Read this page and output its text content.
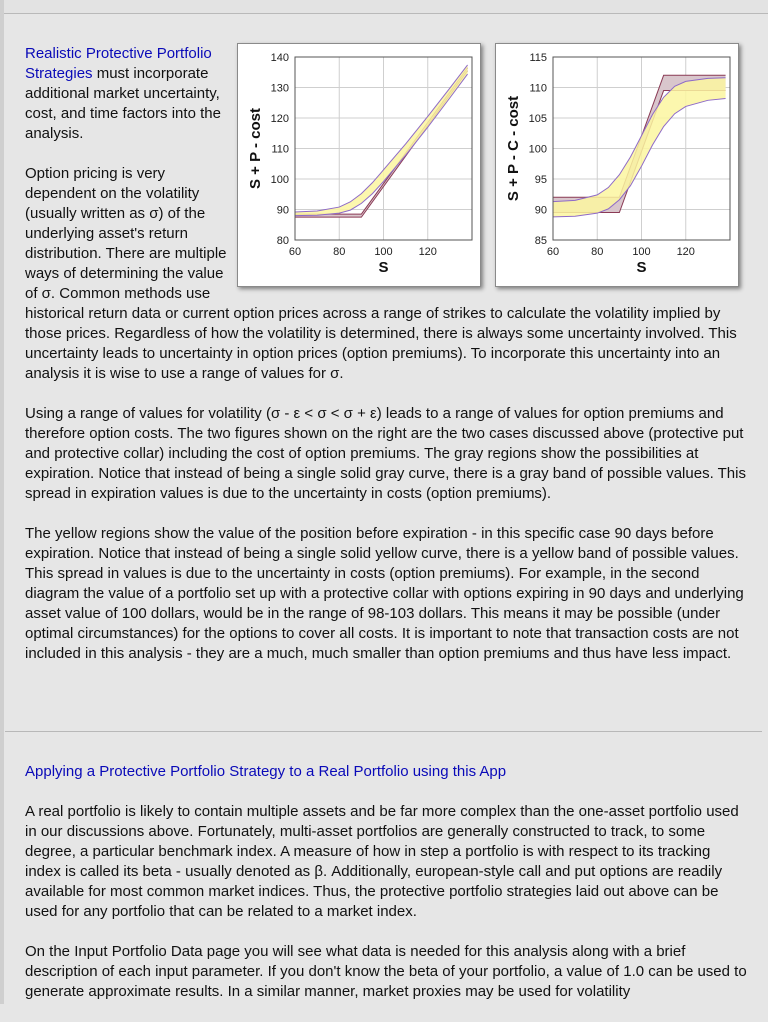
80
90
100
110
120
130
140
60	80	100 120
S
S + P - cost
85
90
95
100
105
110
115
60	80	100 120
S
S + P - C - cost

Realistic Protective Portfolio Strategies must incorporate additional market uncertainty, cost, and time factors into the analysis.

Option pricing is very dependent on the volatility (usually written as σ) of the underlying asset's return distribution. There are multiple ways of determining the value of σ. Common methods use historical return data or current option prices across a range of strikes to calculate the volatility implied by those prices. Regardless of how the volatility is determined, there is always some uncertainty involved. This uncertainty leads to uncertainty in option prices (option premiums). To incorporate this uncertainty into an analysis it is wise to use a range of values for σ.

Using a range of values for volatility (σ - ε < σ < σ + ε) leads to a range of values for option premiums and therefore option costs. The two figures shown on the right are the two cases discussed above (protective put and protective collar) including the cost of option premiums. The gray regions show the possibilities at expiration. Notice that instead of being a single solid gray curve, there is a gray band of possible values. This spread in expiration values is due to the uncertainty in costs (option premiums).

The yellow regions show the value of the position before expiration - in this specific case 90 days before expiration. Notice that instead of being a single solid yellow curve, there is a yellow band of possible values. This spread in values is due to the uncertainty in costs (option premiums). For example, in the second diagram the value of a portfolio set up with a protective collar with options expiring in 90 days and underlying asset value of 100 dollars, would be in the range of 98-103 dollars. This means it may be possible (under optimal circumstances) for the options to cover all costs. It is important to note that transaction costs are not included in this analysis - they are a much, much smaller than option premiums and thus have less impact.

Applying a Protective Portfolio Strategy to a Real Portfolio using this App

A real portfolio is likely to contain multiple assets and be far more complex than the one-asset portfolio used in our discussions above. Fortunately, multi-asset portfolios are generally constructed to track, to some degree, a particular benchmark index. A measure of how in step a portfolio is with respect to its tracking index is called its beta - usually denoted as β. Additionally, european-style call and put options are readily available for most common market indices. Thus, the protective portfolio strategies laid out above can be used for any portfolio that can be related to a market index.

On the Input Portfolio Data page you will see what data is needed for this analysis along with a brief description of each input parameter. If you don't know the beta of your portfolio, a value of 1.0 can be used to generate approximate results. In a similar manner, market proxies may be used for volatility
